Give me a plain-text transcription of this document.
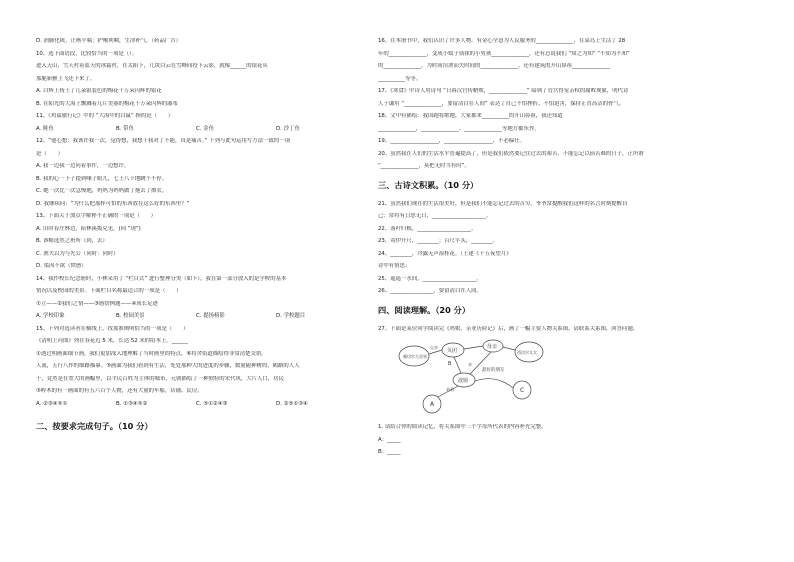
D. 润肺化痰，止咳平喘；护喉利咽，生津补气。（药品广告）

10、选下面语段，比较恰当的一项是（）。

进入天山，雪天衬着蓝天的冰霜衬，在太阳下，几块白云在雪峰间投下云影，就像______的银花从

那脆新雅上飞还下来了。

A. 白辉上扬上了几朵银装色的梅花千万朵闪辉的银花

B. 在阳光的大海上飘溅着几片美丽的梅花千万朵闪辉的瀑布

11、《鸡篇旅行记》中的 “大海中的白鼠” 指的是（　　）

A. 鲑鱼	B. 带鱼	C. 金鱼	D. 沙丁鱼

12、“他心想：我该许我一次，觉得想，我想干我对了不能，真是痛苦。” 下列与此句运用写方法一致的一项

是（　　）

A. 我一边我一边问着事件，一边想许。

B. 我的心一下子提到嗓子眼儿，七上八下地跳个不停。

C. 她一次比一次急慢地，妈妈为妈妈做了拖去了擦衣。

D. 我继续问：“为什么把那样可怕的东西放在这么好的东西里？”

13、下面关于加点字解释不正确的一项是（　　）

A. 旧时春庄林边，陪林溪拨兑见。(同 “现”)

B. 该略选然之班所（到，去）

C. 渔夫以为与先公（同时：同时）

D. 渠因不欲（愤懑）

14、我作校长纪念册时，小林采用了 “栏目式” 进行整理分类（如下），我在第一部分放入的是学校的基本

情况以及校园的美景。下面栏目名称最适合的一项是（　　）

①立——②我们之情——③感悟例题——④成长足迹

A. 学校印象	B. 校园美景	C. 提扬榜影	D. 学校题目

15、下列对选读者在横线上，找那准阐明恰当的一项是（　　）

《清明上河图》列在春花近 5 米，长达 52 米的绢本上。______

①透过明画面细节画，我们更加深入地理解了当时画里的特点，⑥将舍街道描绘得非常清楚交错。

人流，五行八作的细路描摹。⑤画面为我们看到有生活，处处那种大的进度的步骤，数量随种树的，鹤路的人人

于，竟然是在宽大的画幅里，以平民百姓为主体的城市，元朝描绘了一种独特的宋代风，大片人口，居民

⑤粹木的有一画面的有五六百个人物，还有大量的车船，店铺、民房。

A. ②③④⑤①	B. ①③④⑤②	C. ⑤①②④③	D. ②⑤①③④
二、按要求完成句子。（10 分）

16、在本册书中，我们认识了许多人物。有金心全意为人民服务的______________，在菜岛上生活了 28

年的______________，变成小蚊子侦探的小男孩______________，还有总说我们 “知之为知” “不知为不知”

的______________，为时间渲泄而失时间的______________，还有建筑的开山鼻祖______________

__________等等。

17、《寒食》中诗人用诗句 “日暮汉宫传蜡烛，______________” 暗讽了管宫得宠亲权的腐败现象，明代诗

人于谦用 “______________，要留清白在人间” 表达了自己不怕挫折、不怕迫害，保持正直高洁的骨气。

18、文中有描绘：我国跑将歌地，大家都来__________的开山鼻祖，我还知道

______________，______________、______________等地方都东作。

19、__________________，__________________，不必偏任。

20、虽然我在人们的生活水平普遍提高了，但是我们依然要记住过去的艰苦，不能忘记以前苦难的日子，正所谓

“______________，莫把无时当有时”。

三、古诗文积累。（10 分）

21、虽然我们现在的生活很美好，但是我们不能忘记过去的苦穷。爷爷常提醒我们这样的名言时刻提醒自

己：常将有日思无日，____________________。

22、落叶归根，____________________。

23、寄伊开尺，________；百尺竿头，________。

24、________，冷露无声湿桂花。（王建《十五夜望月》

诗中有情思：

25、遥遥一水间，____________________。

26、________________，要留清白在人间。

四、阅读理解。（20 分）

27、下面是某位同学阅读完《鸡娘，亲亚历险记》后，画了一幅主要人物关系图，请联系关系图，回答问题。

赖切尔大首领
贝团
母亲
西切尔太太
波姆
A
C
B
父亲
最好的朋友
弟弟
亲

1. 请结合你的阅读记忆，将关系图中三个字母所代表的内容补充完整。

A：_____

B：_____
